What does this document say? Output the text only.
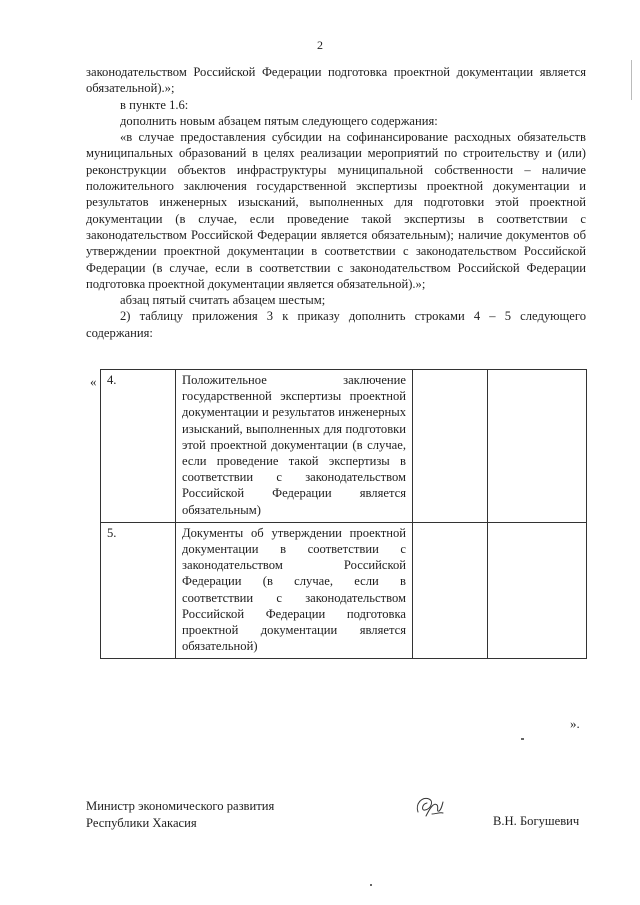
2

законодательством Российской Федерации подготовка проектной документации является обязательной).»;

в пункте 1.6:

дополнить новым абзацем пятым следующего содержания:

«в случае предоставления субсидии на софинансирование расходных обязательств муниципальных образований в целях реализации мероприятий по строительству и (или) реконструкции объектов инфраструктуры муниципальной собственности – наличие положительного заключения государственной экспертизы проектной документации и результатов инженерных изысканий, выполненных для подготовки этой проектной документации (в случае, если проведение такой экспертизы в соответствии с законодательством Российской Федерации является обязательным); наличие документов об утверждении проектной документации в соответствии с законодательством Российской Федерации (в случае, если в соответствии с законодательством Российской Федерации подготовка проектной документации является обязательной).»;

абзац пятый считать абзацем шестым;

2) таблицу приложения 3 к приказу дополнить строками 4 – 5 следующего содержания:

« 4.	Положительное заключение государственной экспертизы проектной документации и результатов инженерных изысканий, выполненных для подготовки этой проектной документации (в случае, если проведение такой экспертизы в соответствии с законодательством Российской Федерации является обязательным)		
5.	Документы об утверждении проектной документации в соответствии с законодательством Российской Федерации (в случае, если в соответствии с законодательством Российской Федерации подготовка проектной документации является обязательной)		
».
Министр экономического развития
Республики Хакасия	В.Н. Богушевич
